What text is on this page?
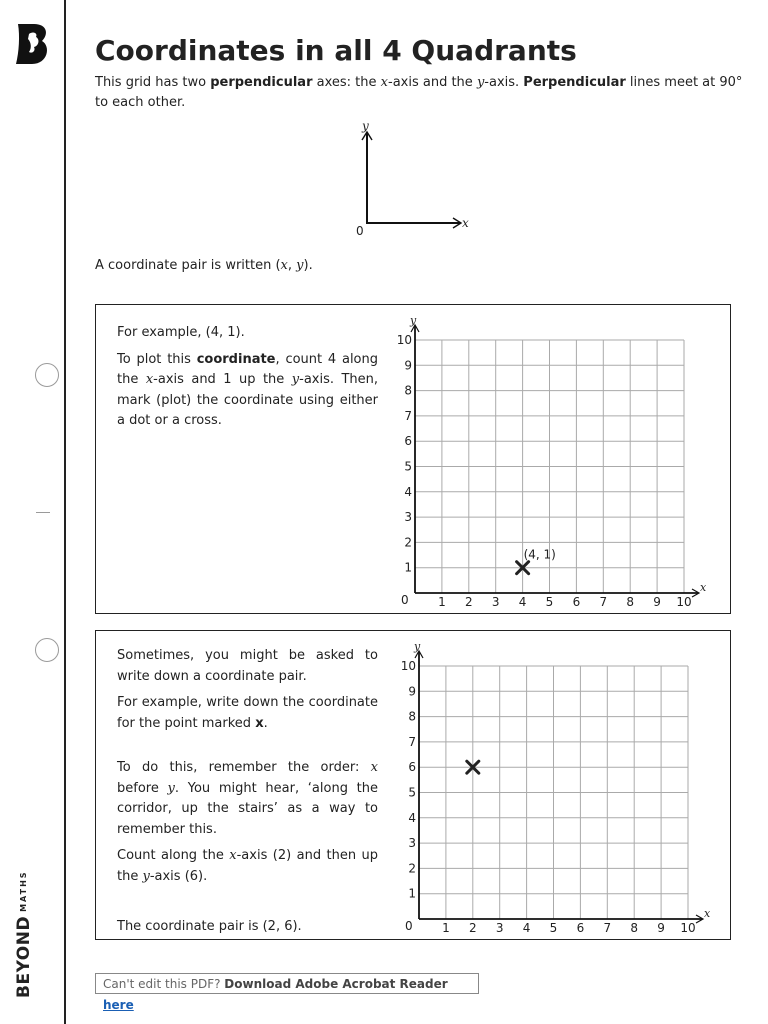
BEYONDMATHS
Coordinates in all 4 Quadrants
This grid has two perpendicular axes: the x-axis and the y-axis. Perpendicular lines meet at 90° to each other.
y
x
0
A coordinate pair is written (x, y).

For example, (4, 1).

To plot this coordinate, count 4 along the x-axis and 1 up the y-axis. Then, mark (plot) the coordinate using either a dot or a cross.

x
y
0 1 2 3 4 5 6 7 8 9 10
1
2
3
4
5
6
7
8
9
10
(4, 1)

Sometimes, you might be asked to write down a coordinate pair.

For example, write down the coordinate for the point marked x.

To do this, remember the order: x before y. You might hear, ‘along the corridor, up the stairs’ as a way to remember this.

Count along the x-axis (2) and then up the y-axis (6).

The coordinate pair is (2, 6).

x
y
0 1 2 3 4 5 6 7 8 9 10
1
2
3
4
5
6
7
8
9
10
Can't edit this PDF? Download Adobe Acrobat Reader here
